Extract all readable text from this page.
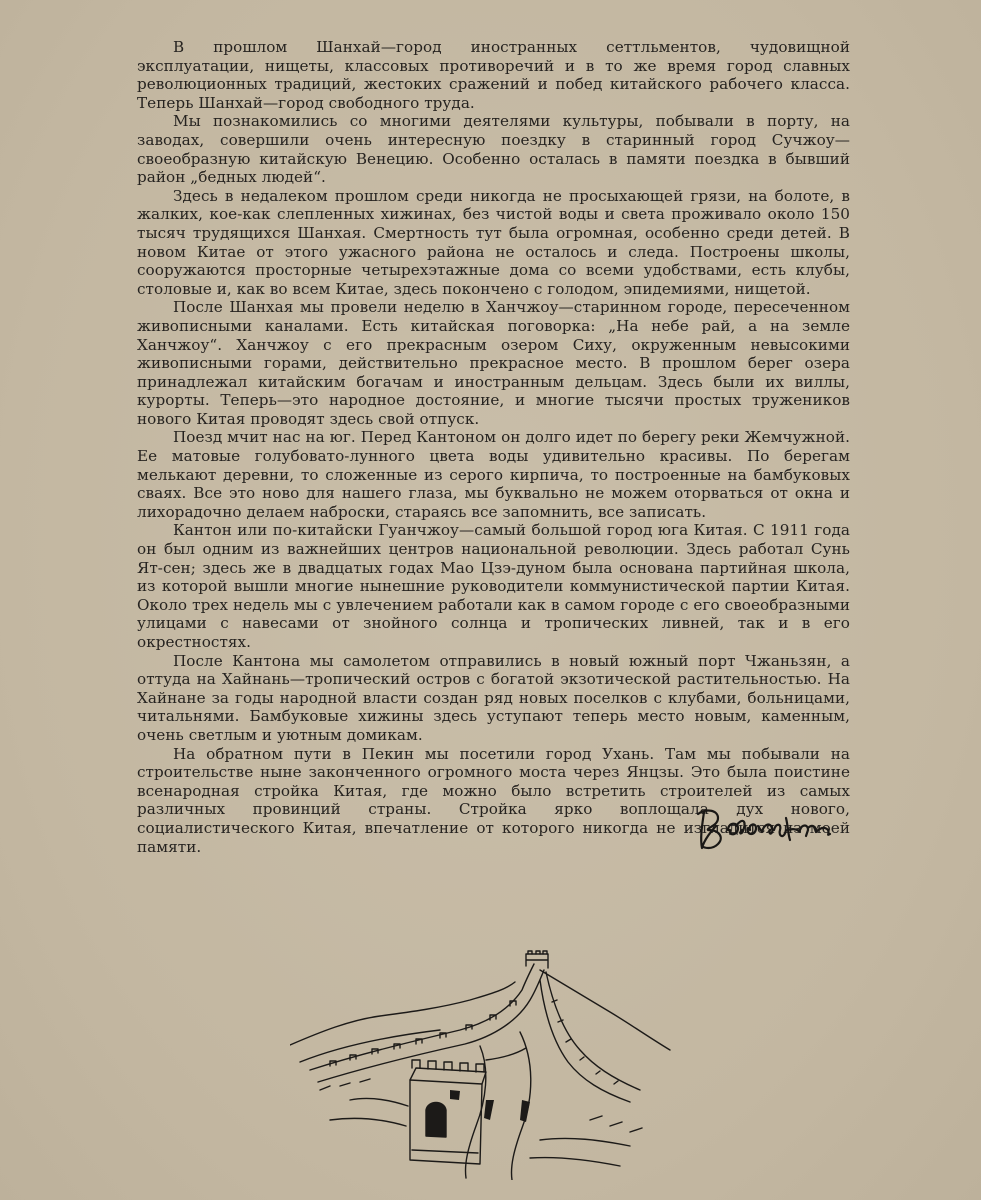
В прошлом Шанхай—город иностранных сеттльментов, чудовищной эксплуатации, нищеты, классовых противоречий и в то же время город славных революционных традиций, жестоких сражений и побед китайского рабочего класса. Теперь Шанхай—город свободного труда.

Мы познакомились со многими деятелями культуры, побывали в порту, на заводах, совершили очень интересную поездку в старинный город Сучжоу—своеобразную китайскую Венецию. Особенно осталась в памяти поездка в бывший район „бедных людей“.

Здесь в недалеком прошлом среди никогда не просыхающей грязи, на болоте, в жалких, кое-как слепленных хижинах, без чистой воды и света проживало около 150 тысяч трудящихся Шанхая. Смертность тут была огромная, особенно среди детей. В новом Китае от этого ужасного района не осталось и следа. Построены школы, сооружаются просторные четырехэтажные дома со всеми удобствами, есть клубы, столовые и, как во всем Китае, здесь покончено с голодом, эпидемиями, нищетой.

После Шанхая мы провели неделю в Ханчжоу—старинном городе, пересеченном живописными каналами. Есть китайская поговорка: „На небе рай, а на земле Ханчжоу“. Ханчжоу с его прекрасным озером Сиху, окруженным невысокими живописными горами, действительно прекрасное место. В прошлом берег озера принадлежал китайским богачам и иностранным дельцам. Здесь были их виллы, курорты. Теперь—это народное достояние, и многие тысячи простых тружеников нового Китая проводят здесь свой отпуск.

Поезд мчит нас на юг. Перед Кантоном он долго идет по берегу реки Жемчужной. Ее матовые голубовато-лунного цвета воды удивительно красивы. По берегам мелькают деревни, то сложенные из серого кирпича, то построенные на бамбуковых сваях. Все это ново для нашего глаза, мы буквально не можем оторваться от окна и лихорадочно делаем наброски, стараясь все запомнить, все записать.

Кантон или по-китайски Гуанчжоу—самый большой город юга Китая. С 1911 года он был одним из важнейших центров национальной революции. Здесь работал Сунь Ят-сен; здесь же в двадцатых годах Мао Цзэ-дуном была основана партийная школа, из которой вышли многие нынешние руководители коммунистической партии Китая. Около трех недель мы с увлечением работали как в самом городе с его своеобразными улицами с навесами от знойного солнца и тропических ливней, так и в его окрестностях.

После Кантона мы самолетом отправились в новый южный порт Чжаньзян, а оттуда на Хайнань—тропический остров с богатой экзотической растительностью. На Хайнане за годы народной власти создан ряд новых поселков с клубами, больницами, читальнями. Бамбуковые хижины здесь уступают теперь место новым, каменным, очень светлым и уютным домикам.

На обратном пути в Пекин мы посетили город Ухань. Там мы побывали на строительстве ныне законченного огромного моста через Янцзы. Это была поистине всенародная стройка Китая, где можно было встретить строителей из самых различных провинций страны. Стройка ярко воплощала дух нового, социалистического Китая, впечатление от которого никогда не изгладится из моей памяти.
